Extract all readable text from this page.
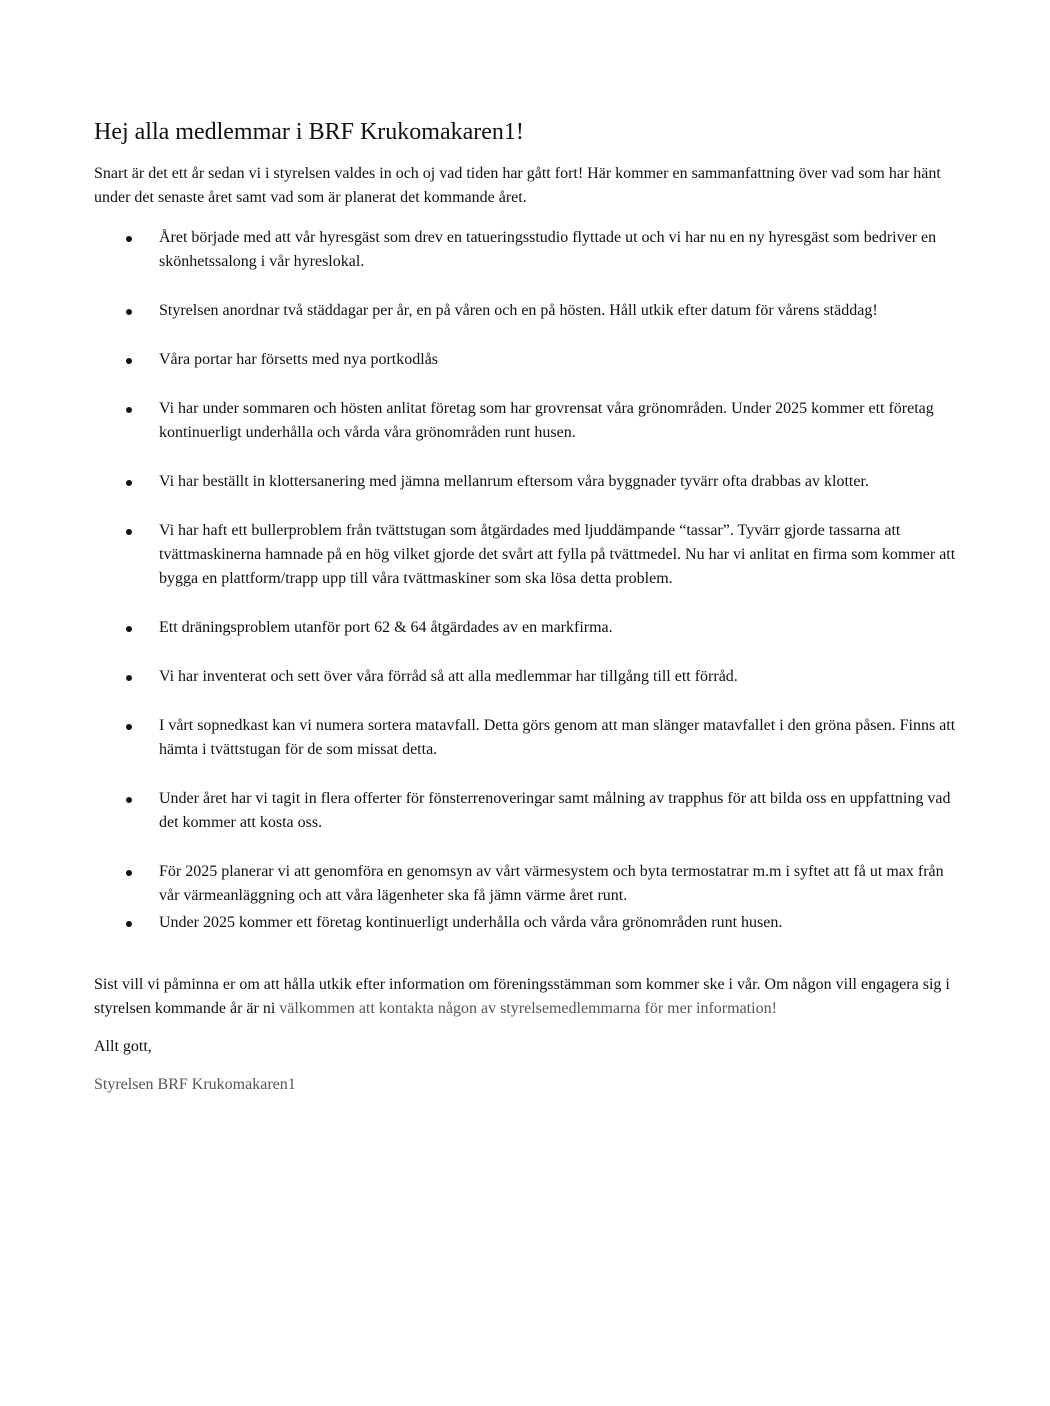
Hej alla medlemmar i BRF Krukomakaren1!

Snart är det ett år sedan vi i styrelsen valdes in och oj vad tiden har gått fort! Här kommer en sammanfattning över vad som har hänt under det senaste året samt vad som är planerat det kommande året.

Året började med att vår hyresgäst som drev en tatueringsstudio flyttade ut och vi har nu en ny hyresgäst som bedriver en skönhetssalong i vår hyreslokal.
Styrelsen anordnar två städdagar per år, en på våren och en på hösten. Håll utkik efter datum för vårens städdag!
Våra portar har försetts med nya portkodlås
Vi har under sommaren och hösten anlitat företag som har grovrensat våra grönområden. Under 2025 kommer ett företag kontinuerligt underhålla och vårda våra grönområden runt husen.
Vi har beställt in klottersanering med jämna mellanrum eftersom våra byggnader tyvärr ofta drabbas av klotter.
Vi har haft ett bullerproblem från tvättstugan som åtgärdades med ljuddämpande “tassar”. Tyvärr gjorde tassarna att tvättmaskinerna hamnade på en hög vilket gjorde det svårt att fylla på tvättmedel. Nu har vi anlitat en firma som kommer att bygga en plattform/trapp upp till våra tvättmaskiner som ska lösa detta problem.
Ett dräningsproblem utanför port 62 & 64 åtgärdades av en markfirma.
Vi har inventerat och sett över våra förråd så att alla medlemmar har tillgång till ett förråd.
I vårt sopnedkast kan vi numera sortera matavfall. Detta görs genom att man slänger matavfallet i den gröna påsen. Finns att hämta i tvättstugan för de som missat detta.
Under året har vi tagit in flera offerter för fönsterrenoveringar samt målning av trapphus för att bilda oss en uppfattning vad det kommer att kosta oss.
För 2025 planerar vi att genomföra en genomsyn av vårt värmesystem och byta termostatrar m.m i syftet att få ut max från vår värmeanläggning och att våra lägenheter ska få jämn värme året runt.
Under 2025 kommer ett företag kontinuerligt underhålla och vårda våra grönområden runt husen.

Sist vill vi påminna er om att hålla utkik efter information om föreningsstämman som kommer ske i vår. Om någon vill engagera sig i styrelsen kommande år är ni välkommen att kontakta någon av styrelsemedlemmarna för mer information!

Allt gott,

Styrelsen BRF Krukomakaren1
